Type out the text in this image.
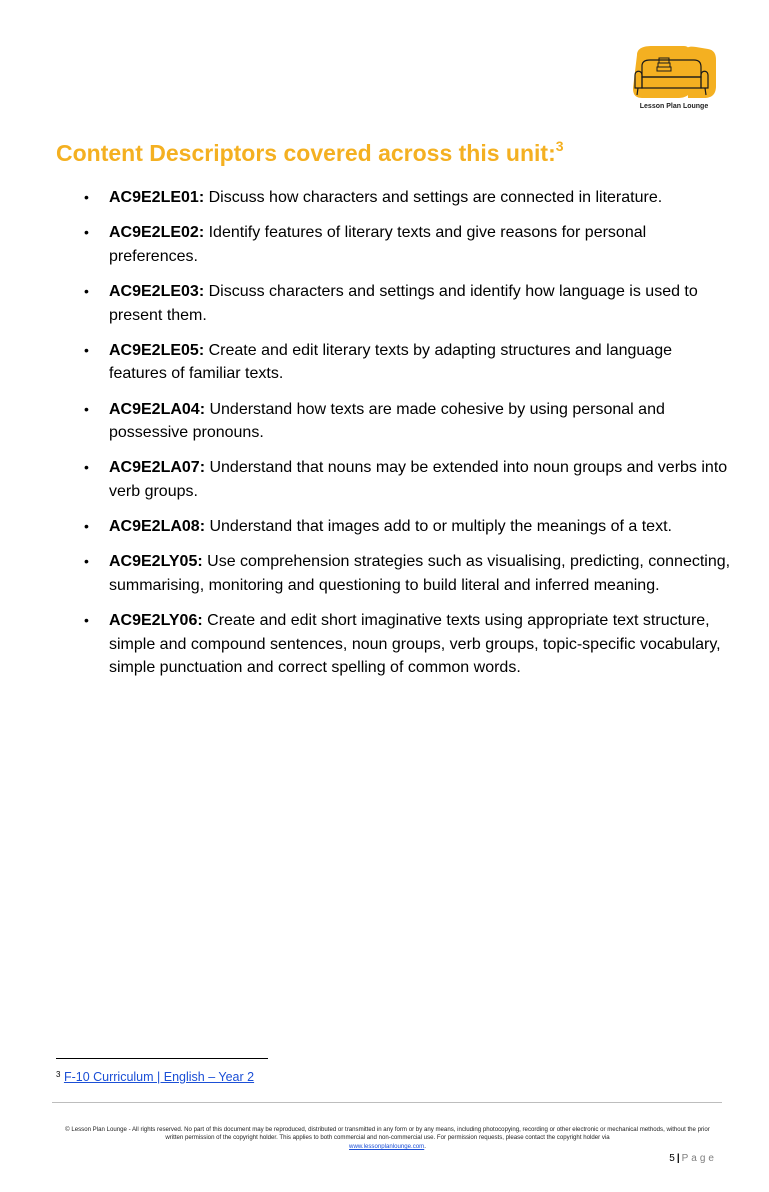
Lesson Plan Lounge
Content Descriptors covered across this unit:$^3$
• AC9E2LE01: Discuss how characters and settings are connected in literature.
• AC9E2LE02: Identify features of literary texts and give reasons for personal preferences.
• AC9E2LE03: Discuss characters and settings and identify how language is used to present them.
• AC9E2LE05: Create and edit literary texts by adapting structures and language features of familiar texts.
• AC9E2LA04: Understand how texts are made cohesive by using personal and possessive pronouns.
• AC9E2LA07: Understand that nouns may be extended into noun groups and verbs into verb groups.
• AC9E2LA08: Understand that images add to or multiply the meanings of a text.
• AC9E2LY05: Use comprehension strategies such as visualising, predicting, connecting, summarising, monitoring and questioning to build literal and inferred meaning.
• AC9E2LY06: Create and edit short imaginative texts using appropriate text structure, simple and compound sentences, noun groups, verb groups, topic-specific vocabulary, simple punctuation and correct spelling of common words.
$^3$ F-10 Curriculum | English – Year 2
© Lesson Plan Lounge - All rights reserved. No part of this document may be reproduced, distributed or transmitted in any form or by any means, including photocopying, recording or other electronic or mechanical methods, without the prior written permission of the copyright holder. This applies to both commercial and non-commercial use. For permission requests, please contact the copyright holder via
www.lessonplanlounge.com.
5 | Page
